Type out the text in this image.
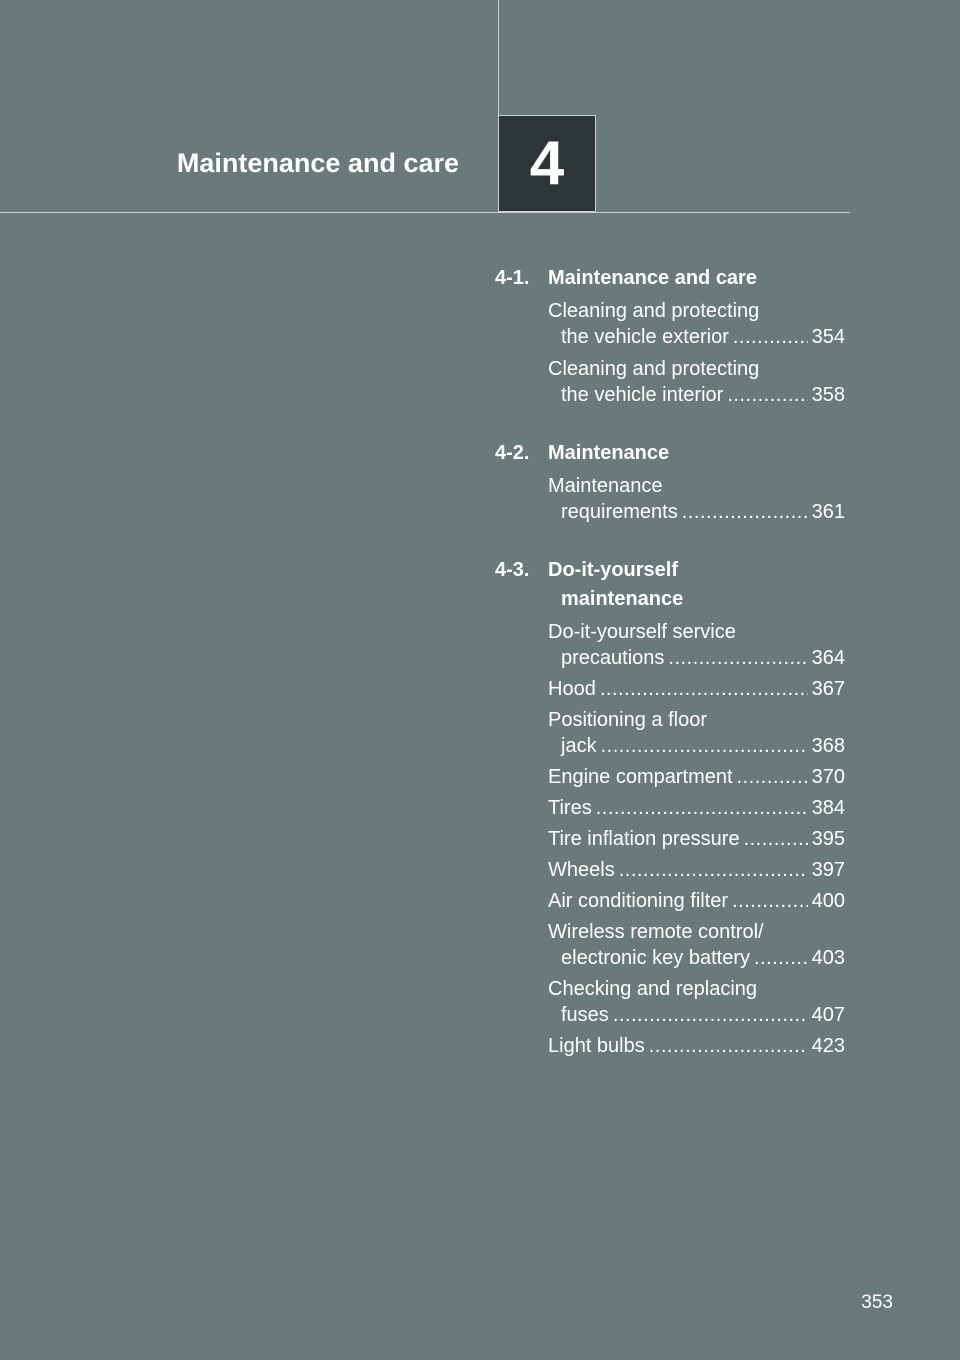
Maintenance and care 4
4-1. Maintenance and care
Cleaning and protecting
the vehicle exterior .....	354
Cleaning and protecting
the vehicle interior .....	358
4-2. Maintenance
Maintenance
requirements .....	361
4-3. Do-it-yourself
maintenance
Do-it-yourself service
precautions .....	364
Hood .....	367
Positioning a floor
jack .....	368
Engine compartment .....	370
Tires .....	384
Tire inflation pressure .....	395
Wheels .....	397
Air conditioning filter .....	400
Wireless remote control/
electronic key battery .....	403
Checking and replacing
fuses .....	407
Light bulbs .....	423
353
